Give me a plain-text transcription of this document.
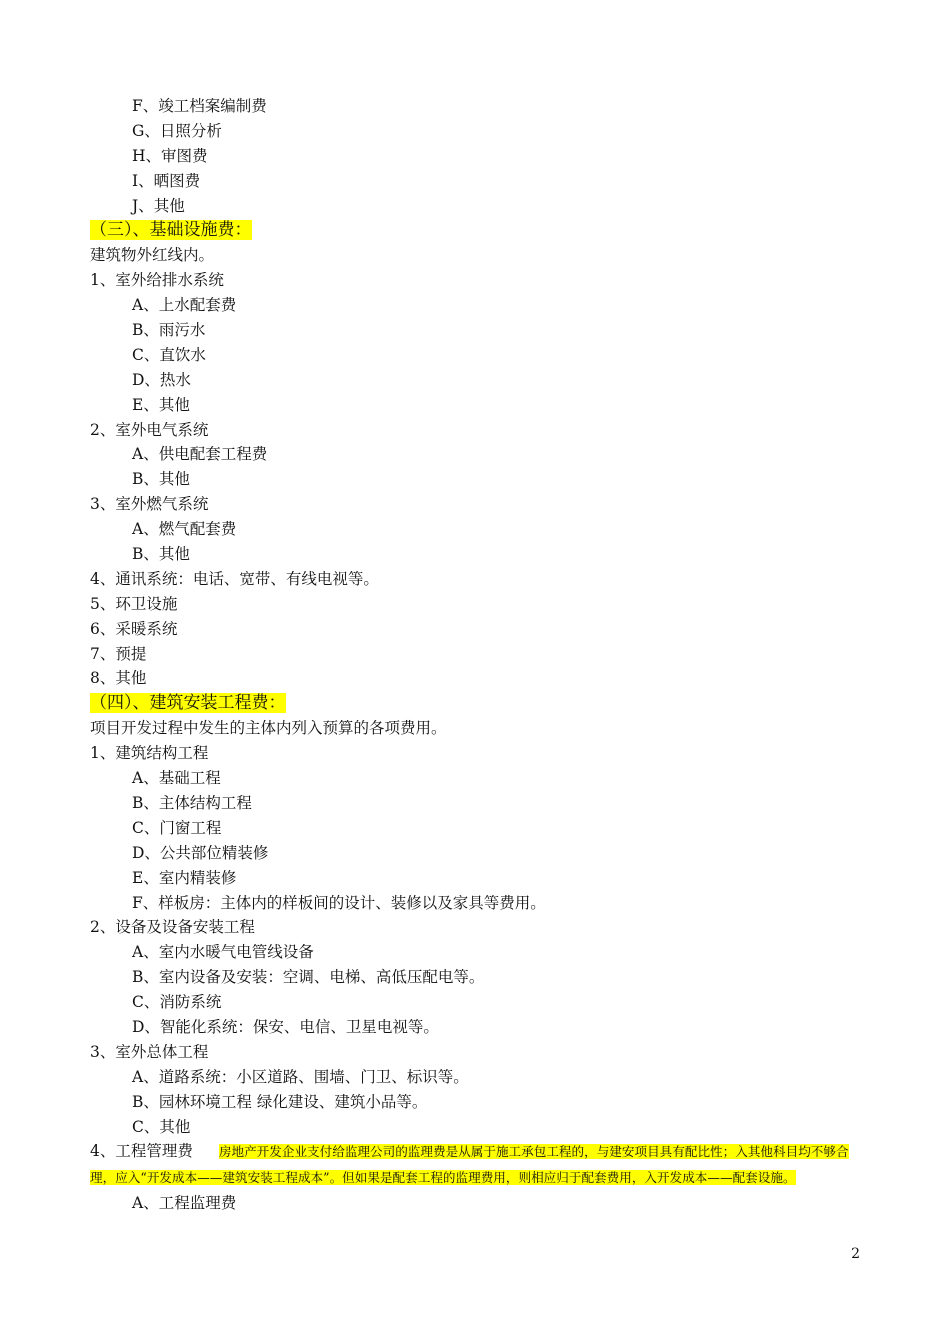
F、竣工档案编制费
G、日照分析
H、审图费
I、晒图费
J、其他
（三）、基础设施费：
建筑物外红线内。
1、室外给排水系统
A、上水配套费
B、雨污水
C、直饮水
D、热水
E、其他
2、室外电气系统
A、供电配套工程费
B、其他
3、室外燃气系统
A、燃气配套费
B、其他
4、通讯系统：电话、宽带、有线电视等。
5、环卫设施
6、采暖系统
7、预提
8、其他
（四）、建筑安装工程费：
项目开发过程中发生的主体内列入预算的各项费用。
1、建筑结构工程
A、基础工程
B、主体结构工程
C、门窗工程
D、公共部位精装修
E、室内精装修
F、样板房：主体内的样板间的设计、装修以及家具等费用。
2、设备及设备安装工程
A、室内水暖气电管线设备
B、室内设备及安装：空调、电梯、高低压配电等。
C、消防系统
D、智能化系统：保安、电信、卫星电视等。
3、室外总体工程
A、道路系统：小区道路、围墙、门卫、标识等。
B、园林环境工程 绿化建设、建筑小品等。
C、其他
4、工程管理费 房地产开发企业支付给监理公司的监理费是从属于施工承包工程的，与建安项目具有配比性；入其他科目均不够合理，应入“开发成本——建筑安装工程成本”。但如果是配套工程的监理费用，则相应归于配套费用，入开发成本——配套设施。
A、工程监理费
2
